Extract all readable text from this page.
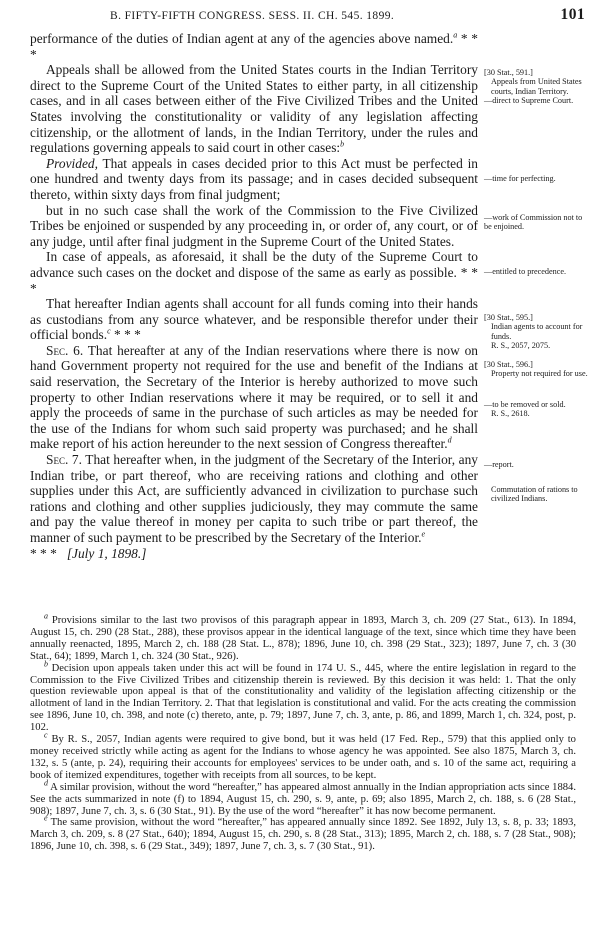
B. FIFTY-FIFTH CONGRESS. SESS. II. CH. 545. 1899.	101

performance of the duties of Indian agent at any of the agencies above named.$^a$ * * *

Appeals shall be allowed from the United States courts in the Indian Territory direct to the Supreme Court of the United States to either party, in all citizenship cases, and in all cases between either of the Five Civilized Tribes and the United States involving the constitutionality or validity of any legislation affecting citizenship, or the allotment of lands, in the Indian Territory, under the rules and regulations governing appeals to said court in other cases:$^b$

Provided, That appeals in cases decided prior to this Act must be perfected in one hundred and twenty days from its passage; and in cases decided subsequent thereto, within sixty days from final judgment;

but in no such case shall the work of the Commission to the Five Civilized Tribes be enjoined or suspended by any proceeding in, or order of, any court, or of any judge, until after final judgment in the Supreme Court of the United States.

In case of appeals, as aforesaid, it shall be the duty of the Supreme Court to advance such cases on the docket and dispose of the same as early as possible. * * *

That hereafter Indian agents shall account for all funds coming into their hands as custodians from any source whatever, and be responsible therefor under their official bonds.$^c$ * * *

Sec. 6. That hereafter at any of the Indian reservations where there is now on hand Government property not required for the use and benefit of the Indians at said reservation, the Secretary of the Interior is hereby authorized to move such property to other Indian reservations where it may be required, or to sell it and apply the proceeds of same in the purchase of such articles as may be needed for the use of the Indians for whom such said property was purchased; and he shall make report of his action hereunder to the next session of Congress thereafter.$^d$

Sec. 7. That hereafter when, in the judgment of the Secretary of the Interior, any Indian tribe, or part thereof, who are receiving rations and clothing and other supplies under this Act, are sufficiently advanced in civilization to purchase such rations and clothing and other supplies judiciously, they may commute the same and pay the value thereof in money per capita to such tribe or part thereof, the manner of such payment to be prescribed by the Secretary of the Interior.$^e$

* * * [July 1, 1898.]

[30 Stat., 591.]
Appeals from United States courts, Indian Territory.
—direct to Supreme Court.
—time for perfecting.
—work of Commission not to be enjoined.
—entitled to precedence.
[30 Stat., 595.]
Indian agents to account for funds.
R. S., 2057, 2075.
[30 Stat., 596.]
Property not required for use.
—to be removed or sold.
R. S., 2618.
—report.
Commutation of rations to civilized Indians.

$^a$ Provisions similar to the last two provisos of this paragraph appear in 1893, March 3, ch. 209 (27 Stat., 613). In 1894, August 15, ch. 290 (28 Stat., 288), these provisos appear in the identical language of the text, since which time they have been annually reenacted, 1895, March 2, ch. 188 (28 Stat. L., 878); 1896, June 10, ch. 398 (29 Stat., 323); 1897, June 7, ch. 3 (30 Stat., 64); 1899, March 1, ch. 324 (30 Stat., 926).

$^b$ Decision upon appeals taken under this act will be found in 174 U. S., 445, where the entire legislation in regard to the Commission to the Five Civilized Tribes and citizenship therein is reviewed. By this decision it was held: 1. That the only question reviewable upon appeal is that of the constitutionality and validity of the legislation affecting citizenship or the allotment of land in the Indian Territory. 2. That that legislation is constitutional and valid. For the acts creating the commission see 1896, June 10, ch. 398, and note (c) thereto, ante, p. 79; 1897, June 7, ch. 3, ante, p. 86, and 1899, March 1, ch. 324, post, p. 102.

$^c$ By R. S., 2057, Indian agents were required to give bond, but it was held (17 Fed. Rep., 579) that this applied only to money received strictly while acting as agent for the Indians to whose agency he was appointed. See also 1875, March 3, ch. 132, s. 5 (ante, p. 24), requiring their accounts for employees' services to be under oath, and s. 10 of the same act, requiring a book of itemized expenditures, together with receipts from all sources, to be kept.

$^d$ A similar provision, without the word “hereafter,” has appeared almost annually in the Indian appropriation acts since 1884. See the acts summarized in note (f) to 1894, August 15, ch. 290, s. 9, ante, p. 69; also 1895, March 2, ch. 188, s. 6 (28 Stat., 908); 1897, June 7, ch. 3, s. 6 (30 Stat., 91). By the use of the word “hereafter” it has now become permanent.

$^e$ The same provision, without the word “hereafter,” has appeared annually since 1892. See 1892, July 13, s. 8, p. 33; 1893, March 3, ch. 209, s. 8 (27 Stat., 640); 1894, August 15, ch. 290, s. 8 (28 Stat., 313); 1895, March 2, ch. 188, s. 7 (28 Stat., 908); 1896, June 10, ch. 398, s. 6 (29 Stat., 349); 1897, June 7, ch. 3, s. 7 (30 Stat., 91).
